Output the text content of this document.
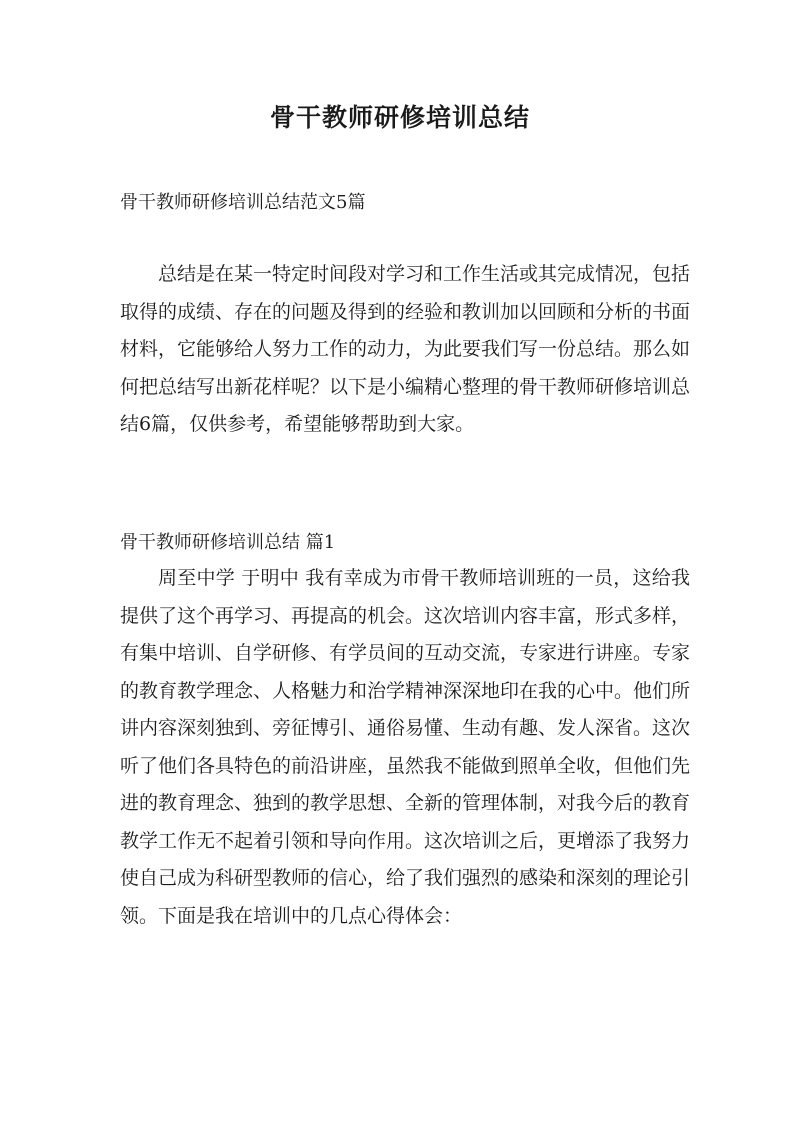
骨干教师研修培训总结
骨干教师研修培训总结范文5篇

总结是在某一特定时间段对学习和工作生活或其完成情况，包括取得的成绩、存在的问题及得到的经验和教训加以回顾和分析的书面材料，它能够给人努力工作的动力，为此要我们写一份总结。那么如何把总结写出新花样呢？以下是小编精心整理的骨干教师研修培训总结6篇，仅供参考，希望能够帮助到大家。

骨干教师研修培训总结 篇1

周至中学 于明中 我有幸成为市骨干教师培训班的一员，这给我提供了这个再学习、再提高的机会。这次培训内容丰富，形式多样，有集中培训、自学研修、有学员间的互动交流，专家进行讲座。专家的教育教学理念、人格魅力和治学精神深深地印在我的心中。他们所讲内容深刻独到、旁征博引、通俗易懂、生动有趣、发人深省。这次听了他们各具特色的前沿讲座，虽然我不能做到照单全收，但他们先进的教育理念、独到的教学思想、全新的管理体制，对我今后的教育教学工作无不起着引领和导向作用。这次培训之后，更增添了我努力使自己成为科研型教师的信心，给了我们强烈的感染和深刻的理论引领。下面是我在培训中的几点心得体会：
